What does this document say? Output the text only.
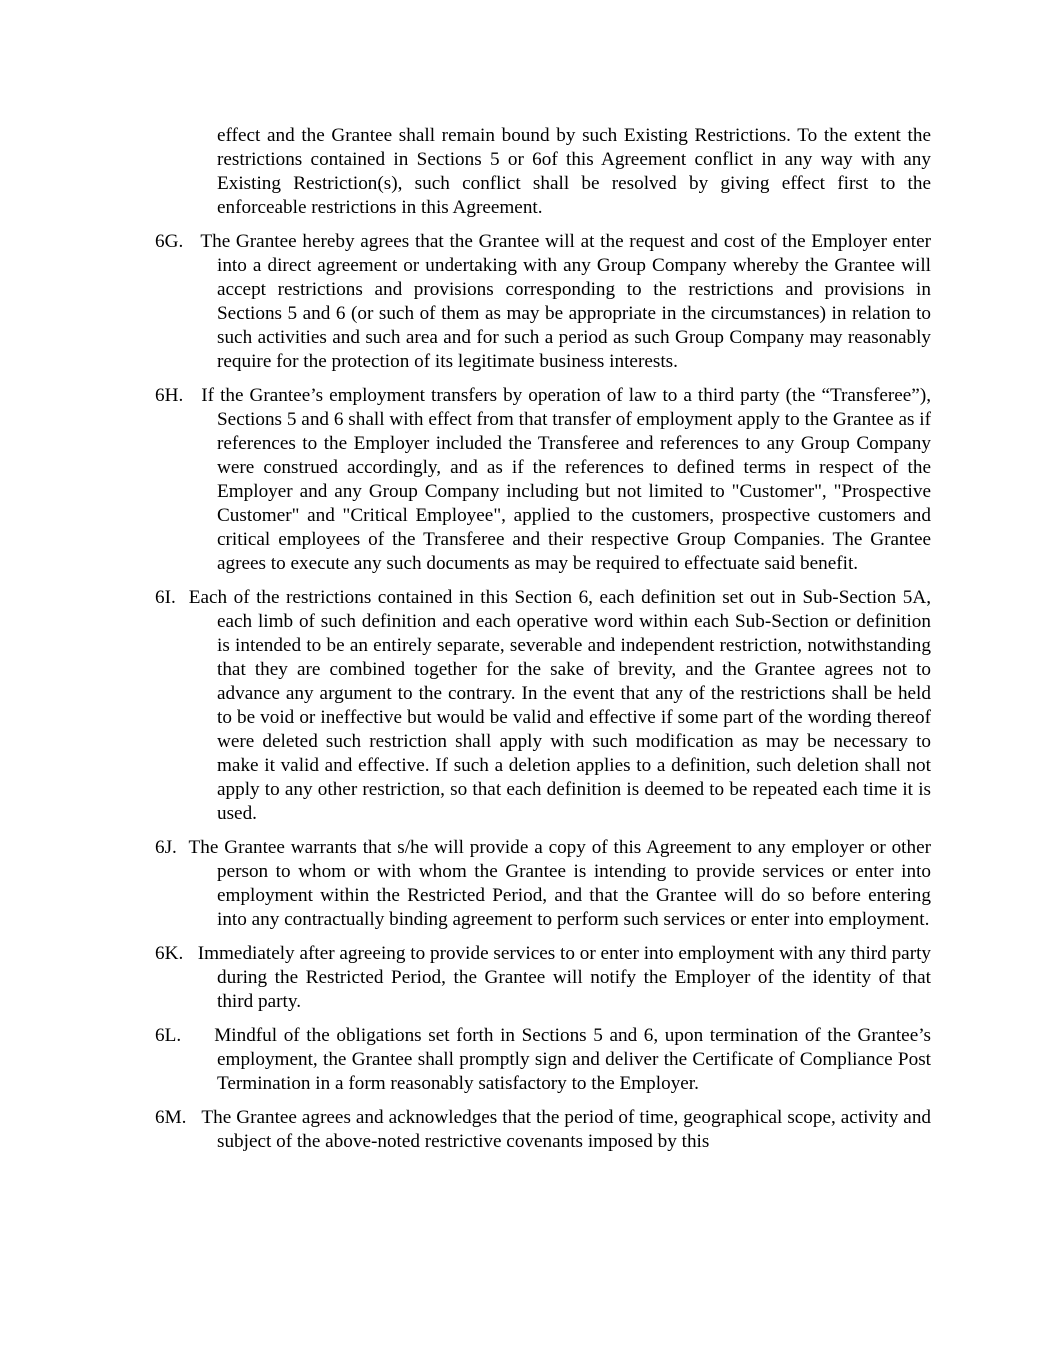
effect and the Grantee shall remain bound by such Existing Restrictions. To the extent the restrictions contained in Sections 5 or 6of this Agreement conflict in any way with any Existing Restriction(s), such conflict shall be resolved by giving effect first to the enforceable restrictions in this Agreement.

6G. The Grantee hereby agrees that the Grantee will at the request and cost of the Employer enter into a direct agreement or undertaking with any Group Company whereby the Grantee will accept restrictions and provisions corresponding to the restrictions and provisions in Sections 5 and 6 (or such of them as may be appropriate in the circumstances) in relation to such activities and such area and for such a period as such Group Company may reasonably require for the protection of its legitimate business interests.

6H. If the Grantee’s employment transfers by operation of law to a third party (the “Transferee”), Sections 5 and 6 shall with effect from that transfer of employment apply to the Grantee as if references to the Employer included the Transferee and references to any Group Company were construed accordingly, and as if the references to defined terms in respect of the Employer and any Group Company including but not limited to "Customer", "Prospective Customer" and "Critical Employee", applied to the customers, prospective customers and critical employees of the Transferee and their respective Group Companies. The Grantee agrees to execute any such documents as may be required to effectuate said benefit.

6I. Each of the restrictions contained in this Section 6, each definition set out in Sub-Section 5A, each limb of such definition and each operative word within each Sub-Section or definition is intended to be an entirely separate, severable and independent restriction, notwithstanding that they are combined together for the sake of brevity, and the Grantee agrees not to advance any argument to the contrary. In the event that any of the restrictions shall be held to be void or ineffective but would be valid and effective if some part of the wording thereof were deleted such restriction shall apply with such modification as may be necessary to make it valid and effective. If such a deletion applies to a definition, such deletion shall not apply to any other restriction, so that each definition is deemed to be repeated each time it is used.

6J. The Grantee warrants that s/he will provide a copy of this Agreement to any employer or other person to whom or with whom the Grantee is intending to provide services or enter into employment within the Restricted Period, and that the Grantee will do so before entering into any contractually binding agreement to perform such services or enter into employment.

6K. Immediately after agreeing to provide services to or enter into employment with any third party during the Restricted Period, the Grantee will notify the Employer of the identity of that third party.

6L. Mindful of the obligations set forth in Sections 5 and 6, upon termination of the Grantee’s employment, the Grantee shall promptly sign and deliver the Certificate of Compliance Post Termination in a form reasonably satisfactory to the Employer.

6M. The Grantee agrees and acknowledges that the period of time, geographical scope, activity and subject of the above-noted restrictive covenants imposed by this
